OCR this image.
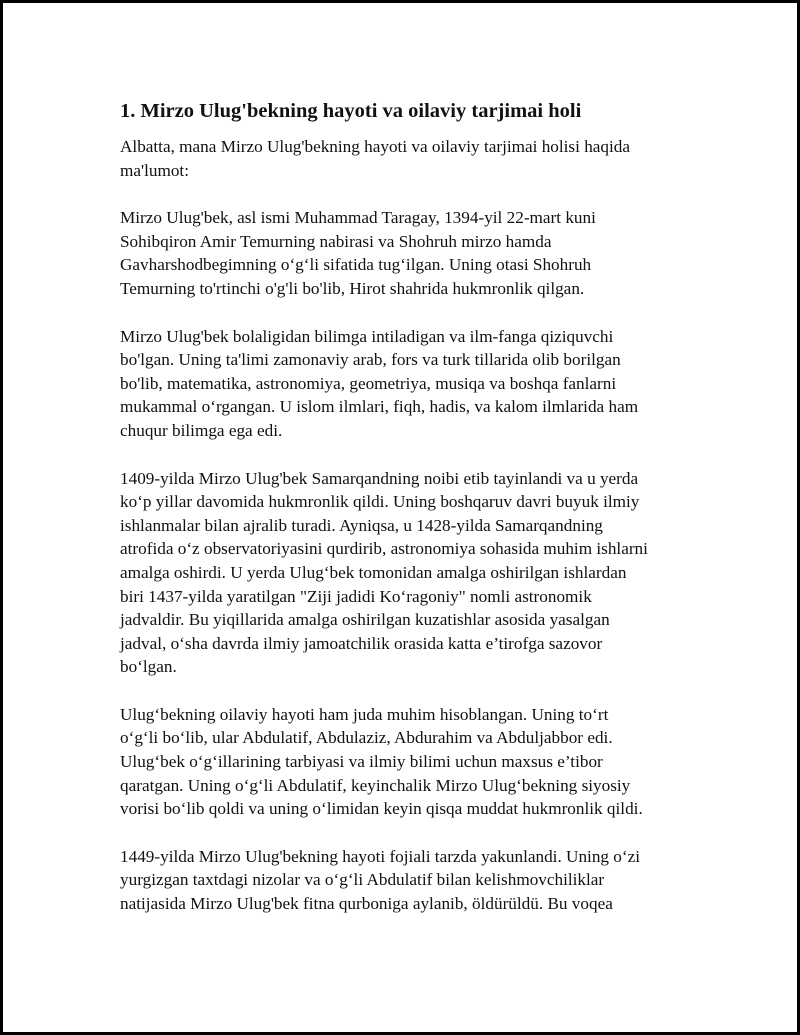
1. Mirzo Ulug'bekning hayoti va oilaviy tarjimai holi

Albatta, mana Mirzo Ulug'bekning hayoti va oilaviy tarjimai holisi haqida
ma'lumot:

Mirzo Ulug'bek, asl ismi Muhammad Taragay, 1394-yil 22-mart kuni
Sohibqiron Amir Temurning nabirasi va Shohruh mirzo hamda
Gavharshodbegimning o‘g‘li sifatida tug‘ilgan. Uning otasi Shohruh
Temurning to'rtinchi o'g'li bo'lib, Hirot shahrida hukmronlik qilgan.

Mirzo Ulug'bek bolaligidan bilimga intiladigan va ilm-fanga qiziquvchi
bo'lgan. Uning ta'limi zamonaviy arab, fors va turk tillarida olib borilgan
bo'lib, matematika, astronomiya, geometriya, musiqa va boshqa fanlarni
mukammal o‘rgangan. U islom ilmlari, fiqh, hadis, va kalom ilmlarida ham
chuqur bilimga ega edi.

1409-yilda Mirzo Ulug'bek Samarqandning noibi etib tayinlandi va u yerda
ko‘p yillar davomida hukmronlik qildi. Uning boshqaruv davri buyuk ilmiy
ishlanmalar bilan ajralib turadi. Ayniqsa, u 1428-yilda Samarqandning
atrofida o‘z observatoriyasini qurdirib, astronomiya sohasida muhim ishlarni
amalga oshirdi. U yerda Ulug‘bek tomonidan amalga oshirilgan ishlardan
biri 1437-yilda yaratilgan "Ziji jadidi Ko‘ragoniy" nomli astronomik
jadvaldir. Bu yiqillarida amalga oshirilgan kuzatishlar asosida yasalgan
jadval, o‘sha davrda ilmiy jamoatchilik orasida katta e’tirofga sazovor
bo‘lgan.

Ulug‘bekning oilaviy hayoti ham juda muhim hisoblangan. Uning to‘rt
o‘g‘li bo‘lib, ular Abdulatif, Abdulaziz, Abdurahim va Abduljabbor edi.
Ulug‘bek o‘g‘illarining tarbiyasi va ilmiy bilimi uchun maxsus e’tibor
qaratgan. Uning o‘g‘li Abdulatif, keyinchalik Mirzo Ulug‘bekning siyosiy
vorisi bo‘lib qoldi va uning o‘limidan keyin qisqa muddat hukmronlik qildi.

1449-yilda Mirzo Ulug'bekning hayoti fojiali tarzda yakunlandi. Uning o‘zi
yurgizgan taxtdagi nizolar va o‘g‘li Abdulatif bilan kelishmovchiliklar
natijasida Mirzo Ulug'bek fitna qurboniga aylanib, öldürüldü. Bu voqea
